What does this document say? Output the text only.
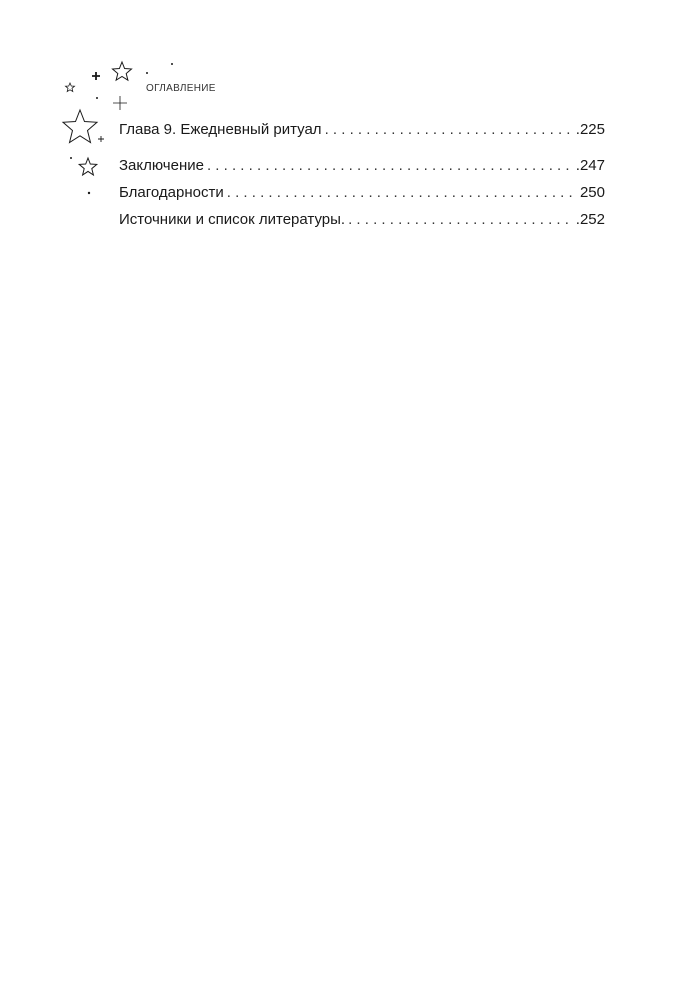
ОГЛАВЛЕНИЕ
Глава 9. Ежедневный ритуал . . .	.225
Заключение . . .	.247
Благодарности . . .	250
Источники и список литературы. . . .	.252
